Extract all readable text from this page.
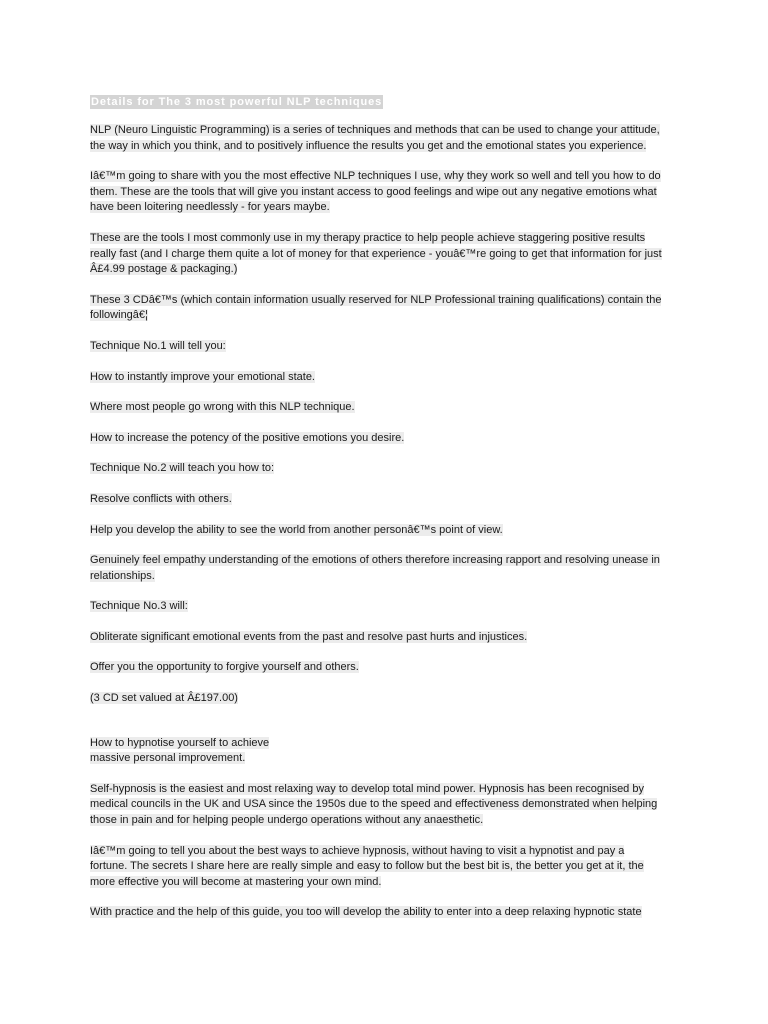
Details for The 3 most powerful NLP techniques
NLP (Neuro Linguistic Programming) is a series of techniques and methods that can be used to change your attitude,
the way in which you think, and to positively influence the results you get and the emotional states you experience.
Iâ€™m going to share with you the most effective NLP techniques I use, why they work so well and tell you how to do
them. These are the tools that will give you instant access to good feelings and wipe out any negative emotions what
have been loitering needlessly - for years maybe.
These are the tools I most commonly use in my therapy practice to help people achieve staggering positive results
really fast (and I charge them quite a lot of money for that experience - youâ€™re going to get that information for just
Â£4.99 postage & packaging.)
These 3 CDâ€™s (which contain information usually reserved for NLP Professional training qualifications) contain the
followingâ€¦
Technique No.1 will tell you:
How to instantly improve your emotional state.
Where most people go wrong with this NLP technique.
How to increase the potency of the positive emotions you desire.
Technique No.2 will teach you how to:
Resolve conflicts with others.
Help you develop the ability to see the world from another personâ€™s point of view.
Genuinely feel empathy understanding of the emotions of others therefore increasing rapport and resolving unease in
relationships.
Technique No.3 will:
Obliterate significant emotional events from the past and resolve past hurts and injustices.
Offer you the opportunity to forgive yourself and others.
(3 CD set valued at Â£197.00)
How to hypnotise yourself to achieve
massive personal improvement.
Self-hypnosis is the easiest and most relaxing way to develop total mind power. Hypnosis has been recognised by
medical councils in the UK and USA since the 1950s due to the speed and effectiveness demonstrated when helping
those in pain and for helping people undergo operations without any anaesthetic.
Iâ€™m going to tell you about the best ways to achieve hypnosis, without having to visit a hypnotist and pay a
fortune. The secrets I share here are really simple and easy to follow but the best bit is, the better you get at it, the
more effective you will become at mastering your own mind.
With practice and the help of this guide, you too will develop the ability to enter into a deep relaxing hypnotic state
